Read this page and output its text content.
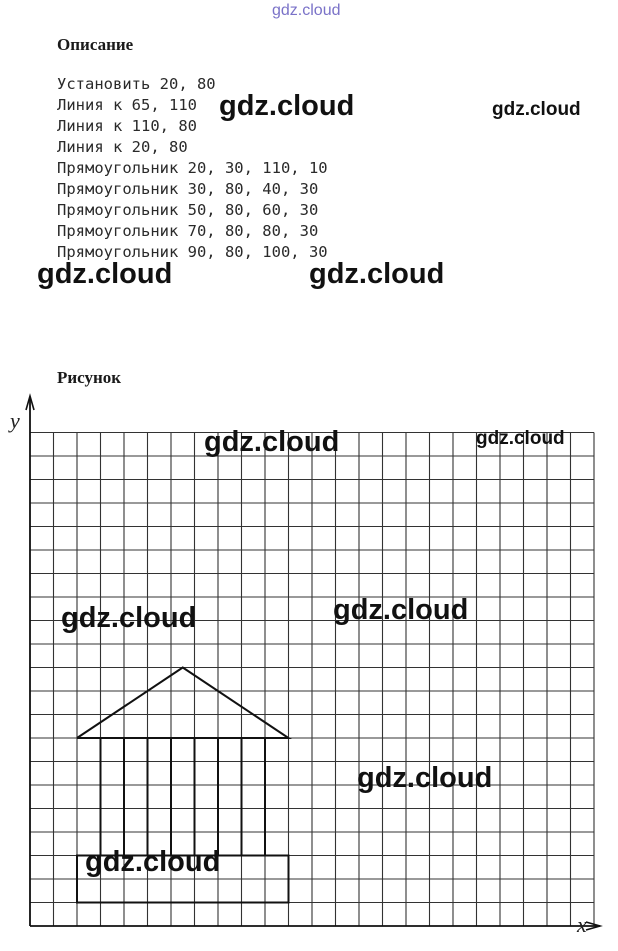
gdz.cloud
Описание
Установить 20, 80
Линия к 65, 110
Линия к 110, 80
Линия к 20, 80
Прямоугольник 20, 30, 110, 10
Прямоугольник 30, 80, 40, 30
Прямоугольник 50, 80, 60, 30
Прямоугольник 70, 80, 80, 30
Прямоугольник 90, 80, 100, 30
Рисунок
y
x
gdz.cloud	gdz.cloud
gdz.cloud	gdz.cloud
gdz.cloud	gdz.cloud
gdz.cloud	gdz.cloud
gdz.cloud
gdz.cloud
